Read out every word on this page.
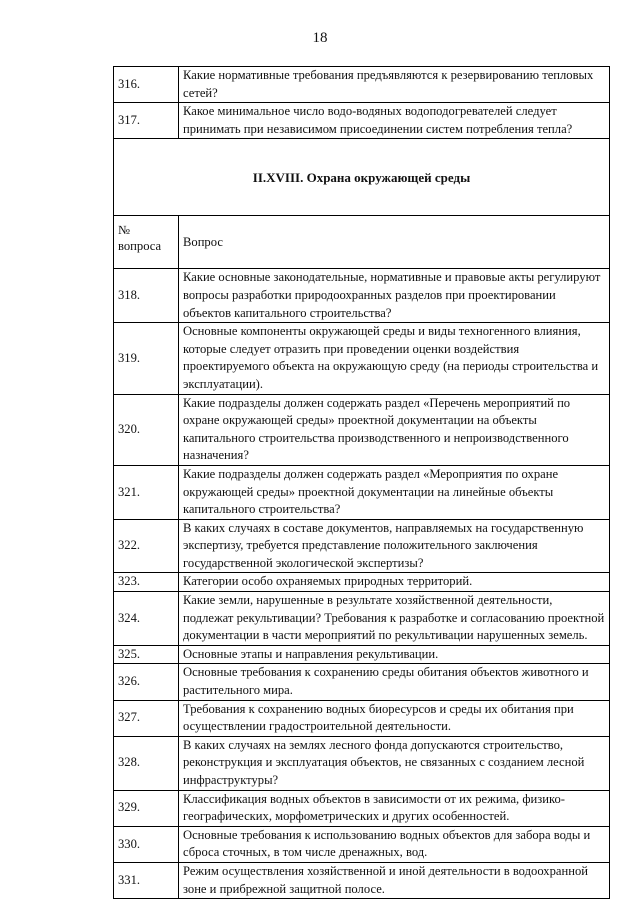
18
316.	Какие нормативные требования предъявляются к резервированию тепловых сетей?
317.	Какое минимальное число водо-водяных водоподогревателей следует принимать при независимом присоединении систем потребления тепла?
II.XVIII. Охрана окружающей среды	
№ вопроса	Вопрос
318.	Какие основные законодательные, нормативные и правовые акты регулируют вопросы разработки природоохранных разделов при проектировании объектов капитального строительства?
319.	Основные компоненты окружающей среды и виды техногенного влияния, которые следует отразить при проведении оценки воздействия проектируемого объекта на окружающую среду (на периоды строительства и эксплуатации).
320.	Какие подразделы должен содержать раздел «Перечень мероприятий по охране окружающей среды» проектной документации на объекты капитального строительства производственного и непроизводственного назначения?
321.	Какие подразделы должен содержать раздел «Мероприятия по охране окружающей среды» проектной документации на линейные объекты капитального строительства?
322.	В каких случаях в составе документов, направляемых на государственную экспертизу, требуется представление положительного заключения государственной экологической экспертизы?
323.	Категории особо охраняемых природных территорий.
324.	Какие земли, нарушенные в результате хозяйственной деятельности, подлежат рекультивации? Требования к разработке и согласованию проектной документации в части мероприятий по рекультивации нарушенных земель.
325.	Основные этапы и направления рекультивации.
326.	Основные требования к сохранению среды обитания объектов животного и растительного мира.
327.	Требования к сохранению водных биоресурсов и среды их обитания при осуществлении градостроительной деятельности.
328.	В каких случаях на землях лесного фонда допускаются строительство, реконструкция и эксплуатация объектов, не связанных с созданием лесной инфраструктуры?
329.	Классификация водных объектов в зависимости от их режима, физико-географических, морфометрических и других особенностей.
330.	Основные требования к использованию водных объектов для забора воды и сброса сточных, в том числе дренажных, вод.
331.	Режим осуществления хозяйственной и иной деятельности в водоохранной зоне и прибрежной защитной полосе.
